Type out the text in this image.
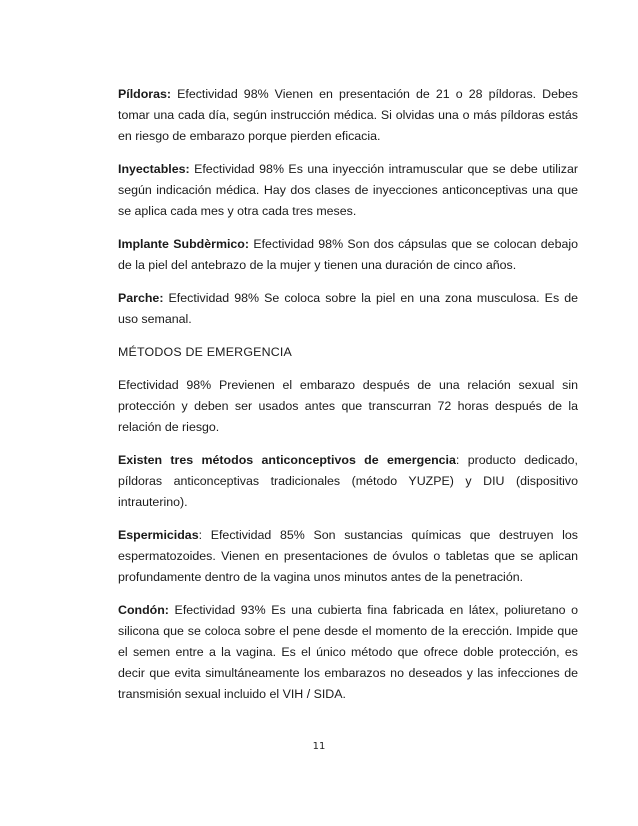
Píldoras: Efectividad 98% Vienen en presentación de 21 o 28 píldoras. Debes tomar una cada día, según instrucción médica. Si olvidas una o más píldoras estás en riesgo de embarazo porque pierden eficacia.

Inyectables: Efectividad 98% Es una inyección intramuscular que se debe utilizar según indicación médica. Hay dos clases de inyecciones anticonceptivas una que se aplica cada mes y otra cada tres meses.

Implante Subdèrmico: Efectividad 98% Son dos cápsulas que se colocan debajo de la piel del antebrazo de la mujer y tienen una duración de cinco años.

Parche: Efectividad 98% Se coloca sobre la piel en una zona musculosa. Es de uso semanal.

MÉTODOS DE EMERGENCIA

Efectividad 98% Previenen el embarazo después de una relación sexual sin protección y deben ser usados antes que transcurran 72 horas después de la relación de riesgo.

Existen tres métodos anticonceptivos de emergencia: producto dedicado, píldoras anticonceptivas tradicionales (método YUZPE) y DIU (dispositivo intrauterino).

Espermicidas: Efectividad 85% Son sustancias químicas que destruyen los espermatozoides. Vienen en presentaciones de óvulos o tabletas que se aplican profundamente dentro de la vagina unos minutos antes de la penetración.

Condón: Efectividad 93% Es una cubierta fina fabricada en látex, poliuretano o silicona que se coloca sobre el pene desde el momento de la erección. Impide que el semen entre a la vagina. Es el único método que ofrece doble protección, es decir que evita simultáneamente los embarazos no deseados y las infecciones de transmisión sexual incluido el VIH / SIDA.

11
